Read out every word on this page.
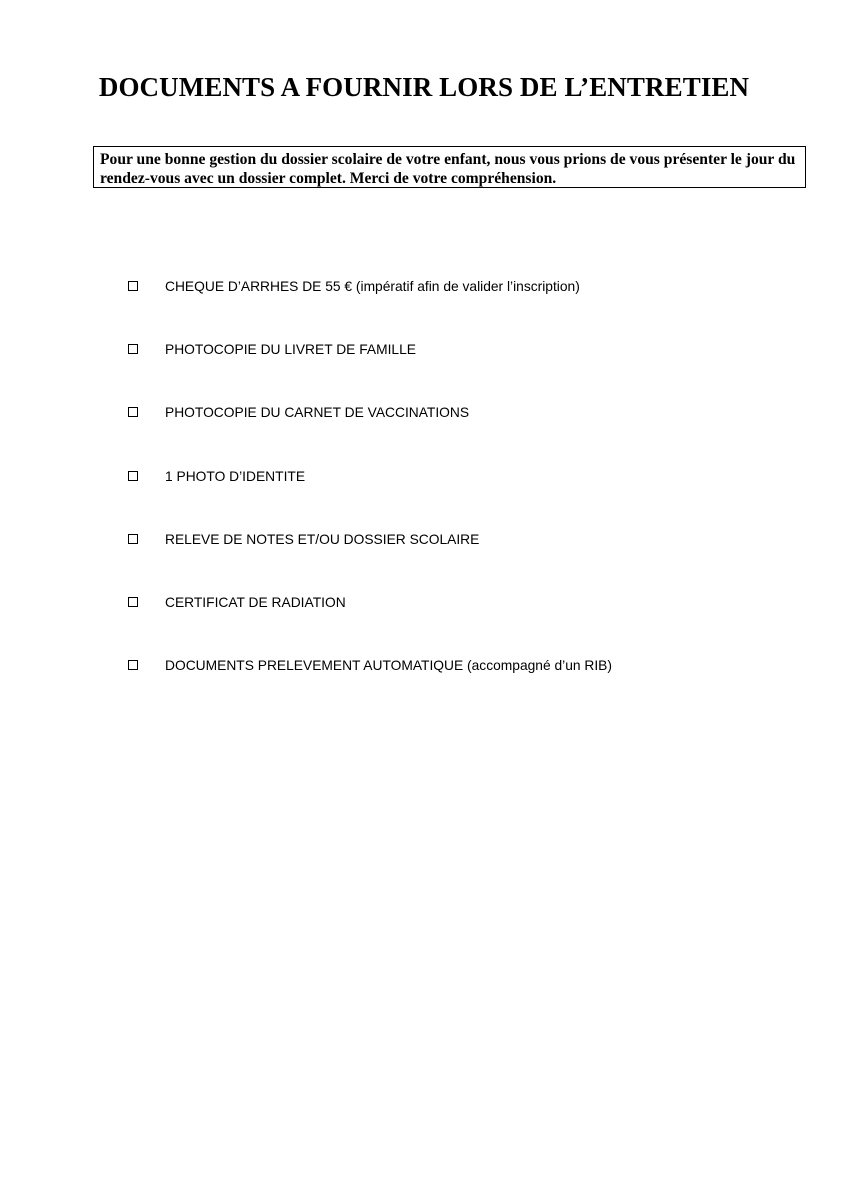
DOCUMENTS A FOURNIR LORS DE L’ENTRETIEN

Pour une bonne gestion du dossier scolaire de votre enfant, nous vous prions de vous présenter le jour du rendez-vous avec un dossier complet. Merci de votre compréhension.

CHEQUE D’ARRHES DE 55 € (impératif afin de valider l’inscription)
PHOTOCOPIE DU LIVRET DE FAMILLE
PHOTOCOPIE DU CARNET DE VACCINATIONS
1 PHOTO D’IDENTITE
RELEVE DE NOTES ET/OU DOSSIER SCOLAIRE
CERTIFICAT DE RADIATION
DOCUMENTS PRELEVEMENT AUTOMATIQUE (accompagné d’un RIB)
